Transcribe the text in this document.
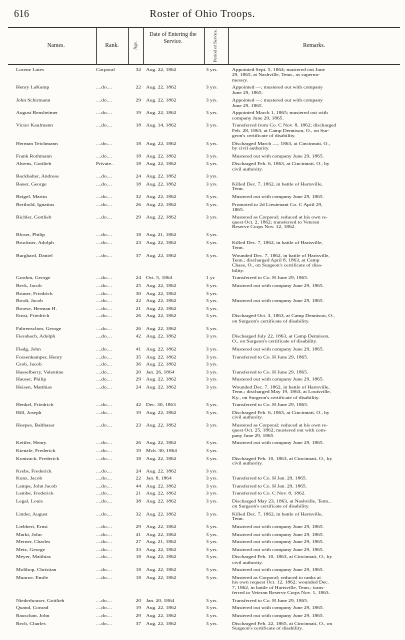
616	Roster of Ohio Troops.
Names.	Rank.	Age.
Date of Entering the Service.	Period of Service.	Remarks.
Lorenz Lutes	Corporal	32 Aug. 22, 1862	3 yrs.	Appointed Sept. 5, 1864; mustered out June
29, 1865, at Nashville, Tenn., as supernu-
merary.
Henry LaKamp	....do....	22 Aug. 22, 1862	3 yrs.	Appointed —; mustered out with company
June 29, 1865.
John Schirmann	....do....	29 Aug. 22, 1862	3 yrs.	Appointed —; mustered out with company
June 29, 1865.
August Rensheimer	....do....	19 Aug. 22, 1862	3 yrs.	Appointed March 1, 1865; mustered out with
company June 29, 1865.
Victor Kaufmann	....do....	18 Aug. 14, 1862	3 yrs.	Transferred from Co. C Nov. 8, 1862; discharged
Feb. 28, 1863, at Camp Dennison, O., on Sur-
geon's certificate of disability.
Herman Teichmann	....do....	18 Aug. 22, 1862	3 yrs.	Discharged March —, 1863, at Cincinnati, O.,
by civil authority.
Frank Rothmann	....do....	18 Aug. 22, 1862	3 yrs.	Mustered out with company June 29, 1865.
Ahrens, Gottlieb	Private..	18 Aug. 22, 1862	3 yrs.	Discharged Feb. 6, 1863, at Cincinnati, O., by
civil authority.
Backhalter, Andreas	....do....	24 Aug. 22, 1862	3 yrs.
Bauer, George	....do....	18 Aug. 22, 1862	3 yrs.	Killed Dec. 7, 1862, in battle of Hartsville,
Tenn.
Beigel, Martin	....do....	32 Aug. 22, 1862	3 yrs.	Mustered out with company June 29, 1865.
Berthold, Ignatius	....do....	26 Aug. 22, 1862	3 yrs.	Promoted to 2d Lieutenant Co. C April 29,
1865.
Bichler, Gottlieb	....do....	29 Aug. 22, 1862	3 yrs.	Mustered as Corporal; reduced at his own re-
quest Oct. 2, 1862; transferred to Veteran
Reserve Corps Nov. 12, 1862.
Bloser, Philip	....do....	18 Aug. 21, 1862	3 yrs.
Bruckner, Adolph	....do....	23 Aug. 22, 1862	3 yrs.	Killed Dec. 7, 1862, in battle of Hartsville,
Tenn.
Burghard, Daniel	....do....	37 Aug. 22, 1862	3 yrs.	Wounded Dec. 7, 1862, in battle of Hartsville,
Tenn.; discharged April 8, 1863, at Camp
Chase, O., on Surgeon's certificate of disa-
bility.
Gordon, George	....do....	24 Oct. 5, 1864	1 yr.	Transferred to Co. H June 29, 1865.
Beck, Jacob	....do....	25 Aug. 22, 1862	3 yrs.	Mustered out with company June 29, 1865.
Bruner, Friedrich	....do....	30 Aug. 22, 1862	3 yrs.
Brodt, Jacob	....do....	22 Aug. 22, 1862	3 yrs.	Mustered out with company June 29, 1865.
Broese, Herman H.	....do....	21 Aug. 22, 1862	3 yrs.
Ernst, Friedrich	....do....	26 Aug. 22, 1862	3 yrs.	Discharged Oct. 3, 1863, at Camp Dennison, O.,
on Surgeon's certificate of disability.
Fahrenschon, George	....do....	26 Aug. 22, 1862	3 yrs.
Fierabach, Adolph	....do....	42 Aug. 22, 1862	3 yrs.	Discharged July 22, 1863, at Camp Dennison,
O., on Surgeon's certificate of disability.
Fladg, John	....do....	41 Aug. 22, 1862	3 yrs.	Mustered out with company June 29, 1865.
Fossenkamper, Henry	....do....	35 Aug. 22, 1862	3 yrs.	Transferred to Co. H June 29, 1865.
Grob, Jacob	....do....	36 Aug. 22, 1862	3 yrs.
Hasselberry, Valentine	....do....	20 Jan. 26, 1864	3 yrs.	Transferred to Co. H June 29, 1865.
Hauser, Philip	....do....	29 Aug. 22, 1862	3 yrs.	Mustered out with company June 29, 1865.
Heisen, Matthias	....do....	24 Aug. 22, 1862	3 yrs.	Wounded Dec. 7, 1862, in battle of Hartsville,
Tenn.; discharged May 19, 1863, at Louisville,
Ky., on Surgeon's certificate of disability.
Henkel, Friedrich	....do....	42 Dec. 30, 1863	3 yrs.	Transferred to Co. H June 29, 1865.
Hill, Joseph	....do....	19 Aug. 22, 1862	3 yrs.	Discharged Feb. 6, 1863, at Cincinnati, O., by
civil authority.
Hoepes, Balthasar	....do....	23 Aug. 22, 1862	3 yrs.	Mustered as Corporal; reduced at his own re-
quest Oct. 25, 1862; mustered out with com-
pany June 29, 1865.
Kettler, Henry	....do....	26 Aug. 22, 1862	3 yrs.	Mustered out with company June 29, 1865.
Kienzle, Frederick	....do....	19 Mch. 30, 1864	3 yrs.
Konizack, Frederick	....do....	18 Aug. 22, 1862	3 yrs.	Discharged Feb. 10, 1863, at Cincinnati, O., by
civil authority.
Krebs, Frederick	....do....	24 Aug. 22, 1862	3 yrs.
Kunz, Jacob	....do....	22 Jan. 8, 1864	3 yrs.	Transferred to Co. H Jan. 29, 1865.
Lampe, John Jacob	....do....	44 Aug. 22, 1862	3 yrs.	Transferred to Co. H Jan. 29, 1865.
Lambe, Frederick	....do....	21 Aug. 22, 1862	3 yrs.	Transferred to Co. C Nov. 8, 1862.
Legal, Louis	....do....	38 Aug. 22, 1862	3 yrs.	Discharged May 23, 1863, at Nashville, Tenn.,
on Surgeon's certificate of disability.
Linder, August	....do....	32 Aug. 22, 1862	3 yrs.	Killed Dec. 7, 1862, in battle of Hartsville,
Tenn.
Liebbert, Ernst	....do....	29 Aug. 22, 1862	3 yrs.	Mustered out with company June 29, 1865.
Markt, John	....do....	41 Aug. 22, 1862	3 yrs.	Mustered out with company June 29, 1865.
Merner, Charles	....do....	27 Aug. 21, 1862	3 yrs.	Mustered out with company June 29, 1865.
Metz, George	....do....	33 Aug. 22, 1862	3 yrs.	Mustered out with company June 29, 1865.
Meyer, Matthias	....do....	18 Aug. 22, 1862	3 yrs.	Discharged Feb. 10, 1863, at Cincinnati, O., by
civil authority.
Molthop, Christian	....do....	18 Aug. 22, 1862	3 yrs.	Mustered out with company June 29, 1865.
Munroe, Emile	....do....	18 Aug. 22, 1862	3 yrs.	Mustered as Corporal; reduced to ranks at
his own request Oct. 12, 1862; wounded Dec.
7, 1862, in battle of Hartsville, Tenn.; trans-
ferred to Veteran Reserve Corps Nov. 1, 1863.
Niederhouser, Gottlieb	....do....	20 Jan. 20, 1864	3 yrs.	Transferred to Co. H June 29, 1865.
Quand, Conrad	....do....	19 Aug. 22, 1862	3 yrs.	Mustered out with company June 29, 1865.
Rauschan, John	....do....	29 Aug. 22, 1862	3 yrs.	Mustered out with company June 29, 1865.
Rech, Charles	....do....	37 Aug. 22, 1862	3 yrs.	Discharged Feb. 22, 1865, at Cincinnati, O., on
Surgeon's certificate of disability.
